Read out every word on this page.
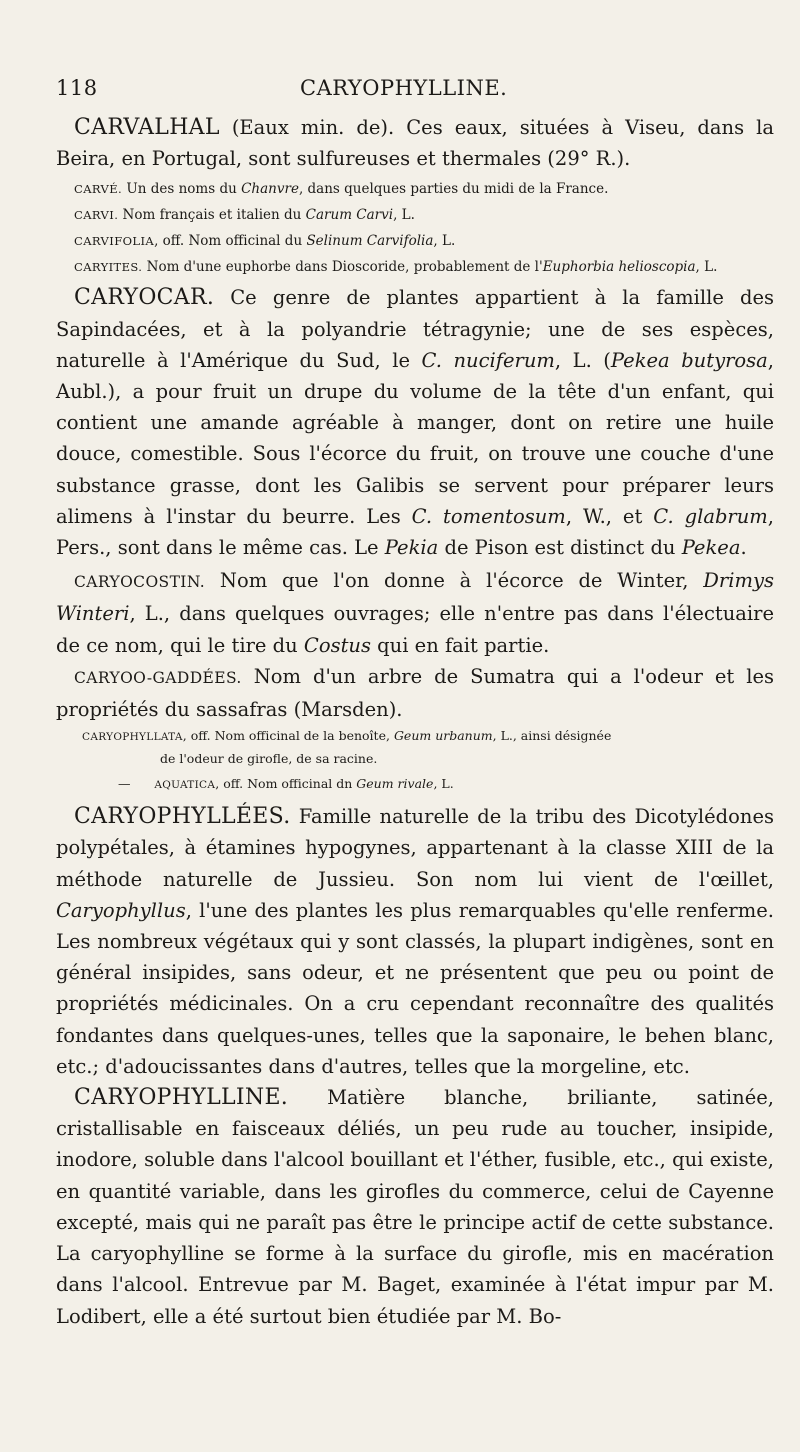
118	CARYOPHYLLINE.

CARVALHAL (Eaux min. de). Ces eaux, situées à Viseu, dans la Beira, en Portugal, sont sulfureuses et thermales (29° R.).

CARVÉ. Un des noms du Chanvre, dans quelques parties du midi de la France.

CARVI. Nom français et italien du Carum Carvi, L.

CARVIFOLIA, off. Nom officinal du Selinum Carvifolia, L.

CARYITES. Nom d'une euphorbe dans Dioscoride, probablement de l'Euphorbia helioscopia, L.

CARYOCAR. Ce genre de plantes appartient à la famille des Sapindacées, et à la polyandrie tétragynie; une de ses espèces, naturelle à l'Amérique du Sud, le C. nuciferum, L. (Pekea butyrosa, Aubl.), a pour fruit un drupe du volume de la tête d'un enfant, qui contient une amande agréable à manger, dont on retire une huile douce, comestible. Sous l'écorce du fruit, on trouve une couche d'une substance grasse, dont les Galibis se servent pour préparer leurs alimens à l'instar du beurre. Les C. tomentosum, W., et C. glabrum, Pers., sont dans le même cas. Le Pekia de Pison est distinct du Pekea.

CARYOCOSTIN. Nom que l'on donne à l'écorce de Winter, Drimys Winteri, L., dans quelques ouvrages; elle n'entre pas dans l'électuaire de ce nom, qui le tire du Costus qui en fait partie.

CARYOO-GADDÉES. Nom d'un arbre de Sumatra qui a l'odeur et les propriétés du sassafras (Marsden).

CARYOPHYLLATA, off. Nom officinal de la benoîte, Geum urbanum, L., ainsi désignée

de l'odeur de girofle, de sa racine.

— AQUATICA, off. Nom officinal dn Geum rivale, L.

CARYOPHYLLÉES. Famille naturelle de la tribu des Dicotylédones polypétales, à étamines hypogynes, appartenant à la classe XIII de la méthode naturelle de Jussieu. Son nom lui vient de l'œillet, Caryophyllus, l'une des plantes les plus remarquables qu'elle renferme. Les nombreux végétaux qui y sont classés, la plupart indigènes, sont en général insipides, sans odeur, et ne présentent que peu ou point de propriétés médicinales. On a cru cependant reconnaître des qualités fondantes dans quelques-unes, telles que la saponaire, le behen blanc, etc.; d'adoucissantes dans d'autres, telles que la morgeline, etc.

CARYOPHYLLINE. Matière blanche, briliante, satinée, cristallisable en faisceaux déliés, un peu rude au toucher, insipide, inodore, soluble dans l'alcool bouillant et l'éther, fusible, etc., qui existe, en quantité variable, dans les girofles du commerce, celui de Cayenne excepté, mais qui ne paraît pas être le principe actif de cette substance. La caryophylline se forme à la surface du girofle, mis en macération dans l'alcool. Entrevue par M. Baget, examinée à l'état impur par M. Lodibert, elle a été surtout bien étudiée par M. Bo-
